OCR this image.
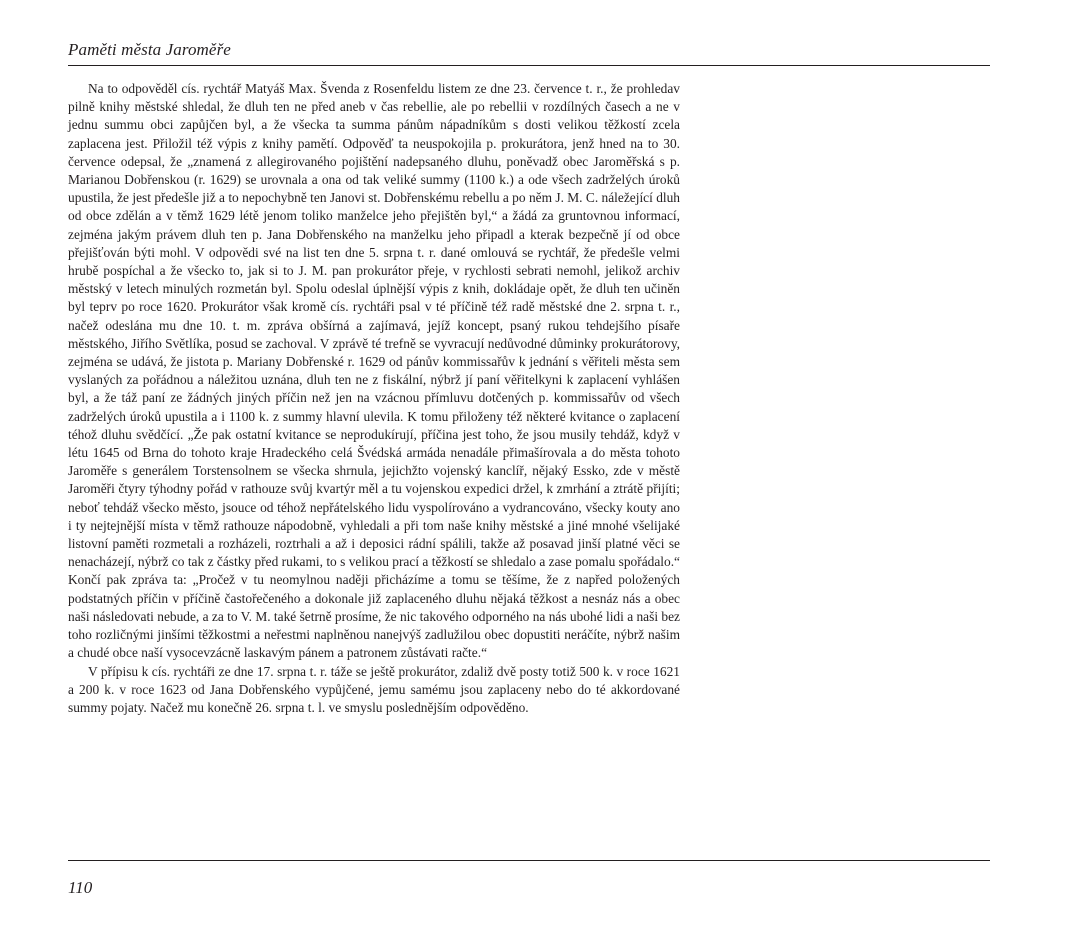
Paměti města Jaroměře

Na to odpověděl cís. rychtář Matyáš Max. Švenda z Rosenfeldu listem ze dne 23. července t. r., že prohledav pilně knihy městské shledal, že dluh ten ne před aneb v čas rebellie, ale po rebellii v rozdílných časech a ne v jednu summu obci zapůjčen byl, a že všecka ta summa pánům nápadníkům s dosti velikou těžkostí zcela zaplacena jest. Přiložil též výpis z knihy pamětí. Odpověď ta neuspokojila p. prokurátora, jenž hned na to 30. července odepsal, že „znamená z allegirovaného pojištění nadepsaného dluhu, poněvadž obec Jaroměřská s p. Marianou Dobřenskou (r. 1629) se urovnala a ona od tak veliké summy (1100 k.) a ode všech zadrželých úroků upustila, že jest předešle již a to nepochybně ten Janovi st. Dobřenskému rebellu a po něm J. M. C. náležející dluh od obce zdělán a v těmž 1629 létě jenom toliko manželce jeho přejištěn byl,“ a žádá za gruntovnou informací, zejména jakým právem dluh ten p. Jana Dobřenského na manželku jeho připadl a kterak bezpečně jí od obce přejišťován býti mohl. V odpovědi své na list ten dne 5. srpna t. r. dané omlouvá se rychtář, že předešle velmi hrubě pospíchal a že všecko to, jak si to J. M. pan prokurátor přeje, v rychlosti sebrati nemohl, jelikož archiv městský v letech minulých rozmetán byl. Spolu odeslal úplnější výpis z knih, dokládaje opět, že dluh ten učiněn byl teprv po roce 1620. Prokurátor však kromě cís. rychtáři psal v té příčině též radě městské dne 2. srpna t. r., načež odeslána mu dne 10. t. m. zpráva obšírná a zajímavá, jejíž koncept, psaný rukou tehdejšího písaře městského, Jiřího Světlíka, posud se zachoval. V zprávě té trefně se vyvracují nedůvodné důminky prokurátorovy, zejména se udává, že jistota p. Mariany Dobřenské r. 1629 od pánův kommissařův k jednání s věřiteli města sem vyslaných za pořádnou a náležitou uznána, dluh ten ne z fiskální, nýbrž jí paní věřitelkyni k zaplacení vyhlášen byl, a že táž paní ze žádných jiných příčin než jen na vzácnou přímluvu dotčených p. kommissařův od všech zadrželých úroků upustila a i 1100 k. z summy hlavní ulevila. K tomu přiloženy též některé kvitance o zaplacení téhož dluhu svědčící. „Že pak ostatní kvitance se neprodukírují, příčina jest toho, že jsou musily tehdáž, když v létu 1645 od Brna do tohoto kraje Hradeckého celá Švédská armáda nenadále přimašírovala a do města tohoto Jaroměře s generálem Torstensolnem se všecka shrnula, jejichžto vojenský kanclíř, nějaký Essko, zde v městě Jaroměři čtyry týhodny pořád v rathouze svůj kvartýr měl a tu vojenskou expedici držel, k zmrhání a ztrátě přijíti; neboť tehdáž všecko město, jsouce od téhož nepřátelského lidu vyspolírováno a vydrancováno, všecky kouty ano i ty nejtejnější místa v těmž rathouze nápodobně, vyhledali a při tom naše knihy městské a jiné mnohé všelijaké listovní paměti rozmetali a rozházeli, roztrhali a až i deposici rádní spálili, takže až posavad jinší platné věci se nenacházejí, nýbrž co tak z částky před rukami, to s velikou prací a těžkostí se shledalo a zase pomalu spořádalo.“ Končí pak zpráva ta: „Pročež v tu neomylnou naději přicházíme a tomu se těšíme, že z napřed položených podstatných příčin v příčině častořečeného a dokonale již zaplaceného dluhu nějaká těžkost a nesnáz nás a obec naši následovati nebude, a za to V. M. také šetrně prosíme, že nic takového odporného na nás ubohé lidi a naši bez toho rozličnými jinšími těžkostmi a neřestmi naplněnou nanejvýš zadlužilou obec dopustiti neráčíte, nýbrž našim a chudé obce naší vysocevzácně laskavým pánem a patronem zůstávati račte.“

V přípisu k cís. rychtáři ze dne 17. srpna t. r. táže se ještě prokurátor, zdaliž dvě posty totiž 500 k. v roce 1621 a 200 k. v roce 1623 od Jana Dobřenského vypůjčené, jemu samému jsou zaplaceny nebo do té akkordované summy pojaty. Načež mu konečně 26. srpna t. l. ve smyslu poslednějším odpověděno.

110
